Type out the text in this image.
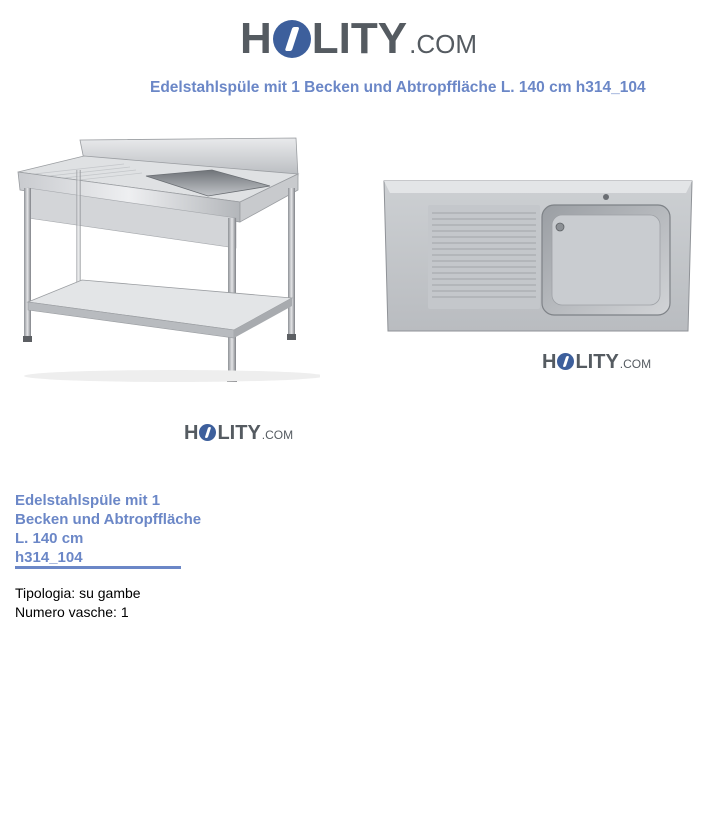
H LITY .COM
Edelstahlspüle mit 1 Becken und Abtropffläche L. 140 cm h314_104
H LITY .COM
H LITY .COM
Edelstahlspüle mit 1
Becken und Abtropffläche
L. 140 cm
h314_104
Tipologia: su gambe
Numero vasche: 1
